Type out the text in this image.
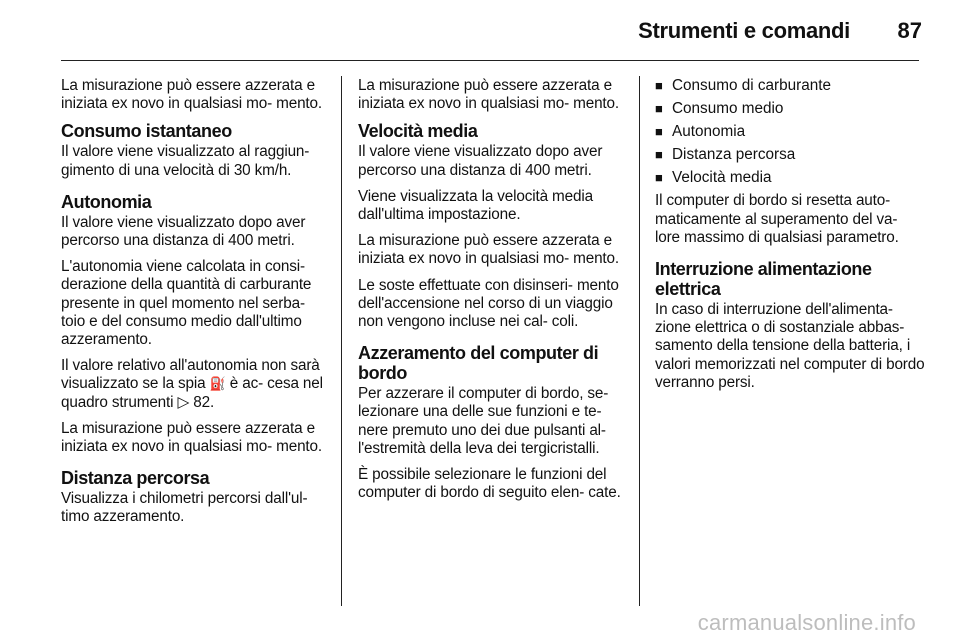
Strumenti e comandi 87

La misurazione può essere azzerata e iniziata ex novo in qualsiasi mo- mento.

Consumo istantaneo

Il valore viene visualizzato al raggiun- gimento di una velocità di 30 km/h.

Autonomia

Il valore viene visualizzato dopo aver percorso una distanza di 400 metri.

L'autonomia viene calcolata in consi- derazione della quantità di carburante presente in quel momento nel serba- toio e del consumo medio dall'ultimo azzeramento.

Il valore relativo all'autonomia non sarà visualizzato se la spia ⛽ è ac- cesa nel quadro strumenti ▷ 82.

La misurazione può essere azzerata e iniziata ex novo in qualsiasi mo- mento.

Distanza percorsa

Visualizza i chilometri percorsi dall'ul- timo azzeramento.

La misurazione può essere azzerata e iniziata ex novo in qualsiasi mo- mento.

Velocità media

Il valore viene visualizzato dopo aver percorso una distanza di 400 metri.

Viene visualizzata la velocità media dall'ultima impostazione.

La misurazione può essere azzerata e iniziata ex novo in qualsiasi mo- mento.

Le soste effettuate con disinseri- mento dell'accensione nel corso di un viaggio non vengono incluse nei cal- coli.

Azzeramento del computer di bordo

Per azzerare il computer di bordo, se- lezionare una delle sue funzioni e te- nere premuto uno dei due pulsanti al- l'estremità della leva dei tergicristalli.

È possibile selezionare le funzioni del computer di bordo di seguito elen- cate.

■ Consumo di carburante
■ Consumo medio
■ Autonomia
■ Distanza percorsa
■ Velocità media

Il computer di bordo si resetta auto- maticamente al superamento del va- lore massimo di qualsiasi parametro.

Interruzione alimentazione elettrica

In caso di interruzione dell'alimenta- zione elettrica o di sostanziale abbas- samento della tensione della batteria, i valori memorizzati nel computer di bordo verranno persi.

carmanualsonline.info
